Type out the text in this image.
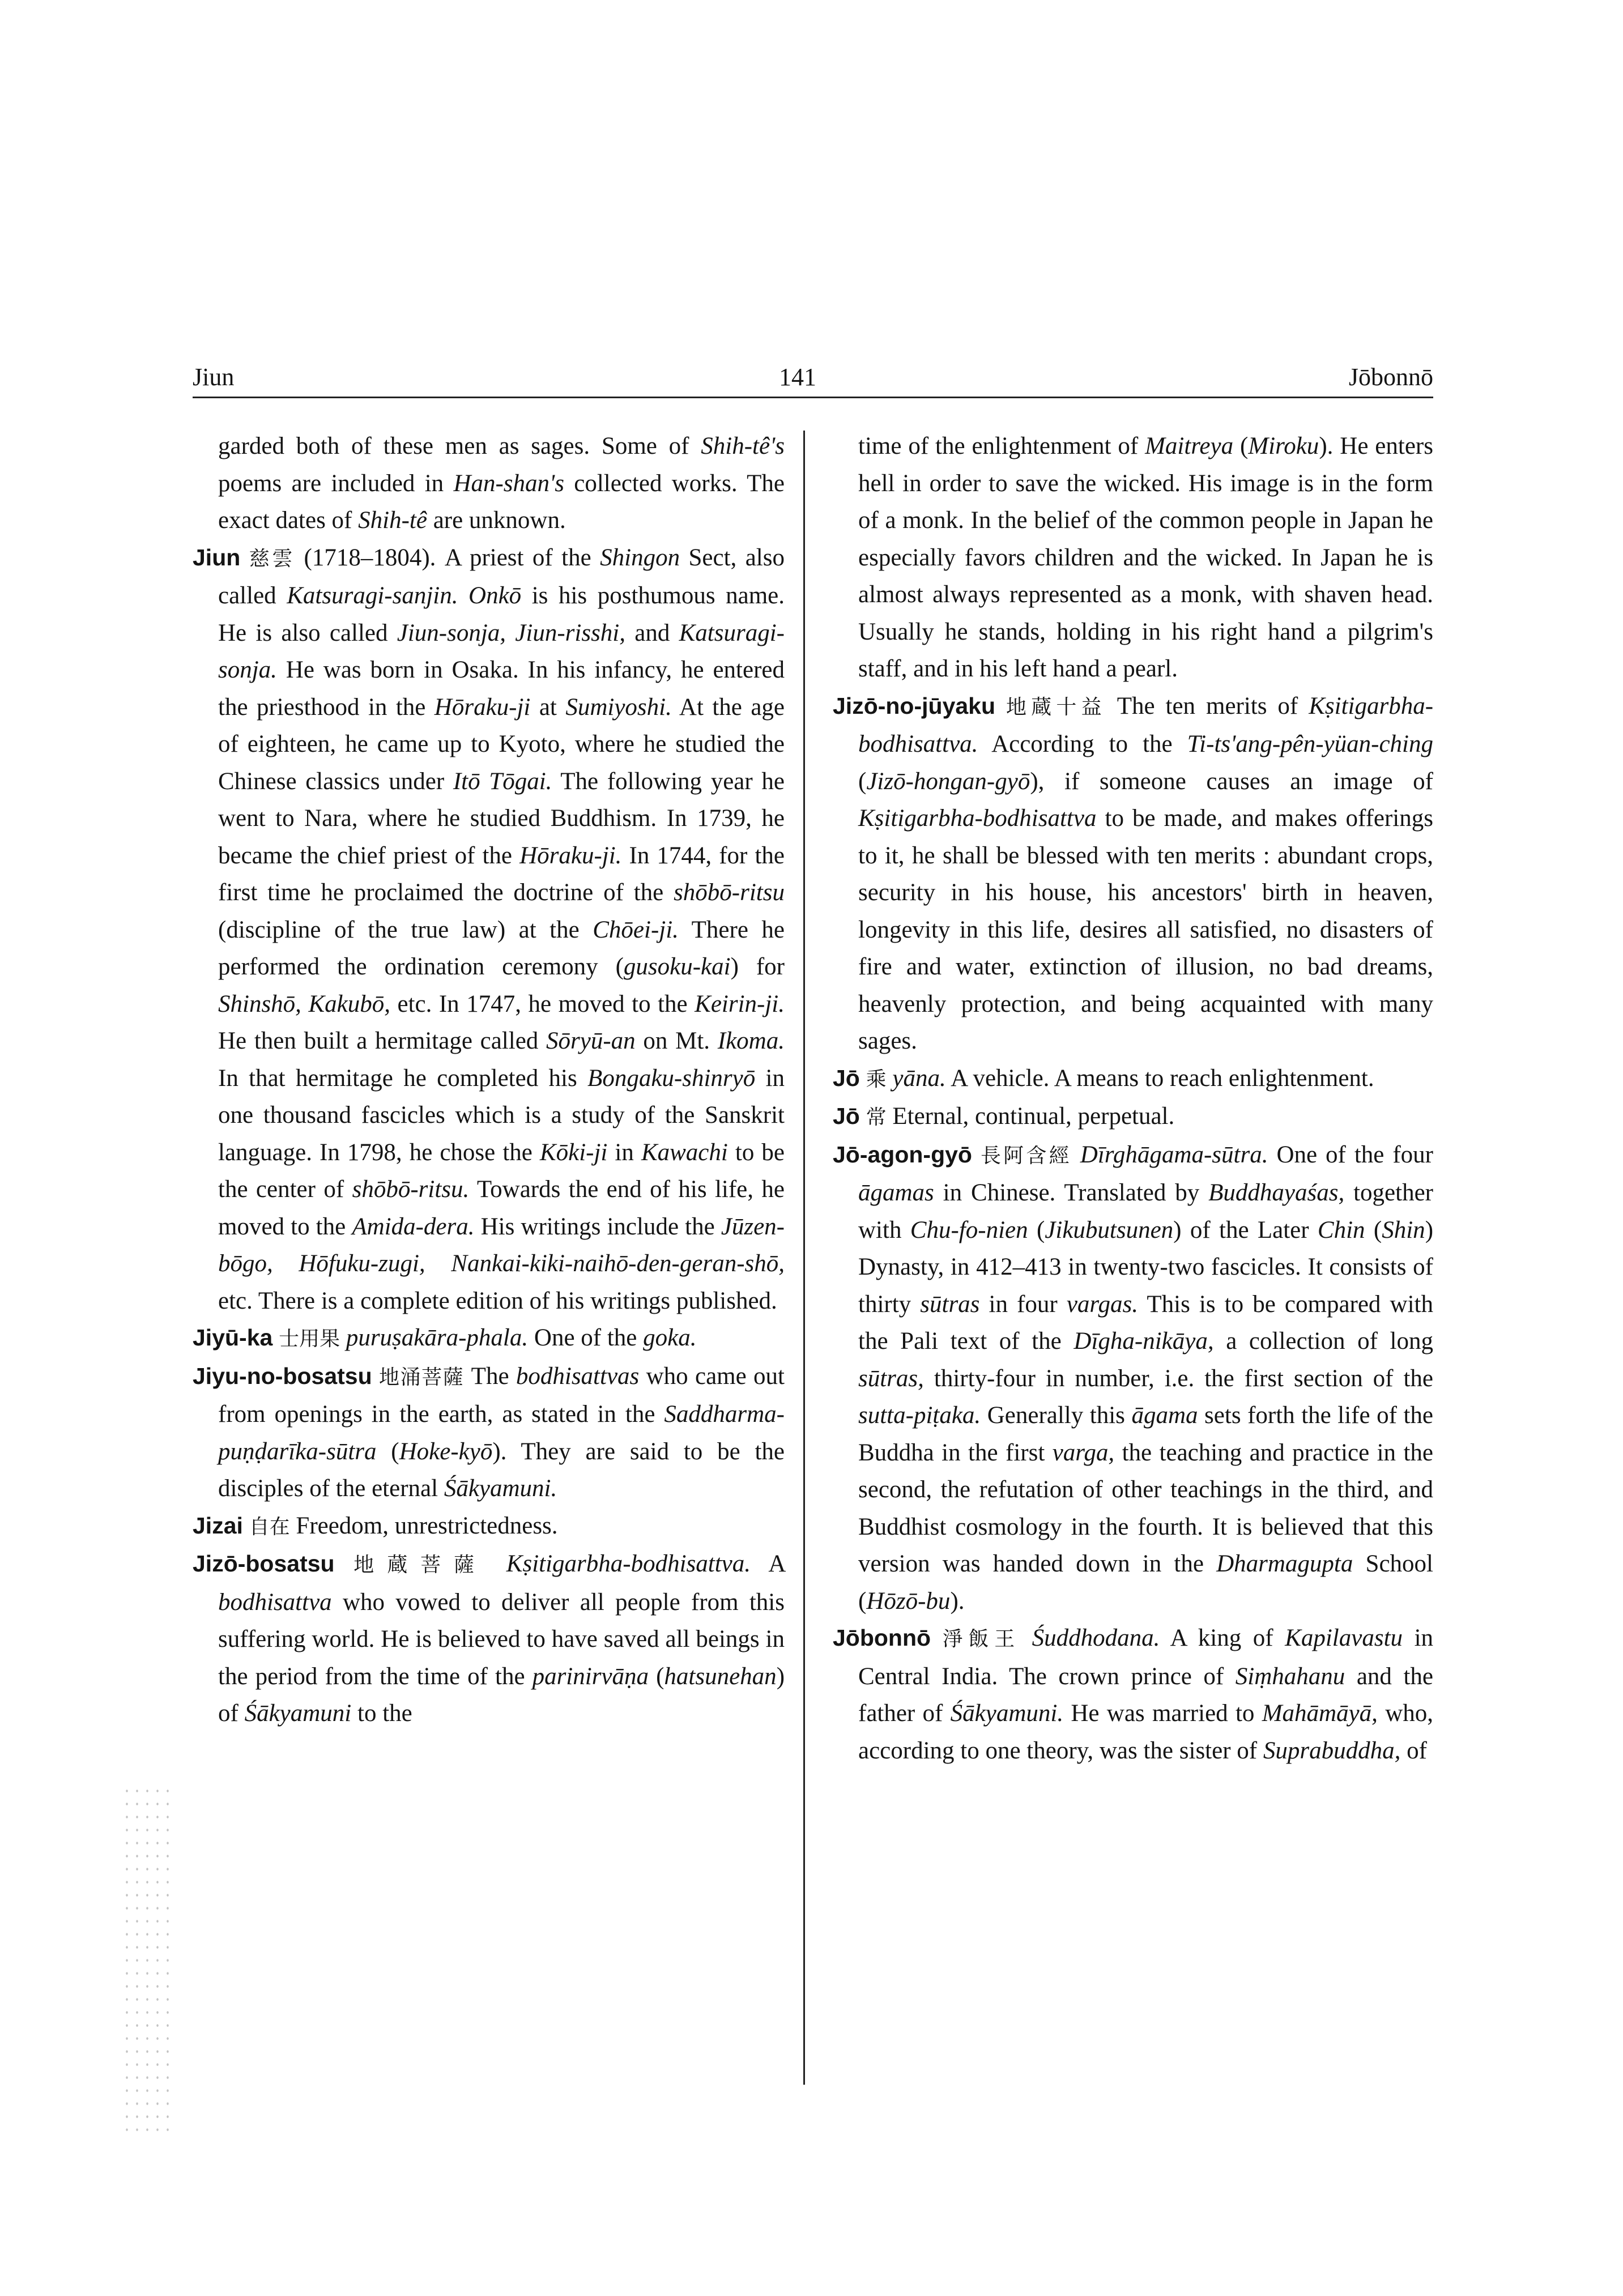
Jiun	141	Jōbonnō

garded both of these men as sages. Some of Shih-tê's poems are included in Han-shan's collected works. The exact dates of Shih-tê are unknown.

Jiun 慈雲 (1718–1804). A priest of the Shingon Sect, also called Katsuragi-sanjin. Onkō is his posthumous name. He is also called Jiun-sonja, Jiun-risshi, and Katsuragi-sonja. He was born in Osaka. In his infancy, he entered the priesthood in the Hōraku-ji at Sumiyoshi. At the age of eighteen, he came up to Kyoto, where he studied the Chinese classics under Itō Tōgai. The following year he went to Nara, where he studied Buddhism. In 1739, he became the chief priest of the Hōraku-ji. In 1744, for the first time he proclaimed the doctrine of the shōbō-ritsu (discipline of the true law) at the Chōei-ji. There he performed the ordination ceremony (gusoku-kai) for Shinshō, Kakubō, etc. In 1747, he moved to the Keirin-ji. He then built a hermitage called Sōryū-an on Mt. Ikoma. In that hermitage he completed his Bongaku-shinryō in one thousand fascicles which is a study of the Sanskrit language. In 1798, he chose the Kōki-ji in Kawachi to be the center of shōbō-ritsu. Towards the end of his life, he moved to the Amida-dera. His writings include the Jūzen-bōgo, Hōfuku-zugi, Nankai-kiki-naihō-den-geran-shō, etc. There is a complete edition of his writings published.

Jiyū-ka 士用果 puruṣakāra-phala. One of the goka.

Jiyu-no-bosatsu 地涌菩薩 The bodhisattvas who came out from openings in the earth, as stated in the Saddharma-puṇḍarīka-sūtra (Hoke-kyō). They are said to be the disciples of the eternal Śākyamuni.

Jizai 自在 Freedom, unrestrictedness.

Jizō-bosatsu 地蔵菩薩 Kṣitigarbha-bodhisattva. A bodhisattva who vowed to deliver all people from this suffering world. He is believed to have saved all beings in the period from the time of the parinirvāṇa (hatsunehan) of Śākyamuni to the

time of the enlightenment of Maitreya (Miroku). He enters hell in order to save the wicked. His image is in the form of a monk. In the belief of the common people in Japan he especially favors children and the wicked. In Japan he is almost always represented as a monk, with shaven head. Usually he stands, holding in his right hand a pilgrim's staff, and in his left hand a pearl.

Jizō-no-jūyaku 地蔵十益 The ten merits of Kṣitigarbha-bodhisattva. According to the Ti-ts'ang-pên-yüan-ching (Jizō-hongan-gyō), if someone causes an image of Kṣitigarbha-bodhisattva to be made, and makes offerings to it, he shall be blessed with ten merits : abundant crops, security in his house, his ancestors' birth in heaven, longevity in this life, desires all satisfied, no disasters of fire and water, extinction of illusion, no bad dreams, heavenly protection, and being acquainted with many sages.

Jō 乘 yāna. A vehicle. A means to reach enlightenment.

Jō 常 Eternal, continual, perpetual.

Jō-agon-gyō 長阿含經 Dīrghāgama-sūtra. One of the four āgamas in Chinese. Translated by Buddhayaśas, together with Chu-fo-nien (Jikubutsunen) of the Later Chin (Shin) Dynasty, in 412–413 in twenty-two fascicles. It consists of thirty sūtras in four vargas. This is to be compared with the Pali text of the Dīgha-nikāya, a collection of long sūtras, thirty-four in number, i.e. the first section of the sutta-piṭaka. Generally this āgama sets forth the life of the Buddha in the first varga, the teaching and practice in the second, the refutation of other teachings in the third, and Buddhist cosmology in the fourth. It is believed that this version was handed down in the Dharmagupta School (Hōzō-bu).

Jōbonnō 淨飯王 Śuddhodana. A king of Kapilavastu in Central India. The crown prince of Siṃhahanu and the father of Śākyamuni. He was married to Mahāmāyā, who, according to one theory, was the sister of Suprabuddha, of
